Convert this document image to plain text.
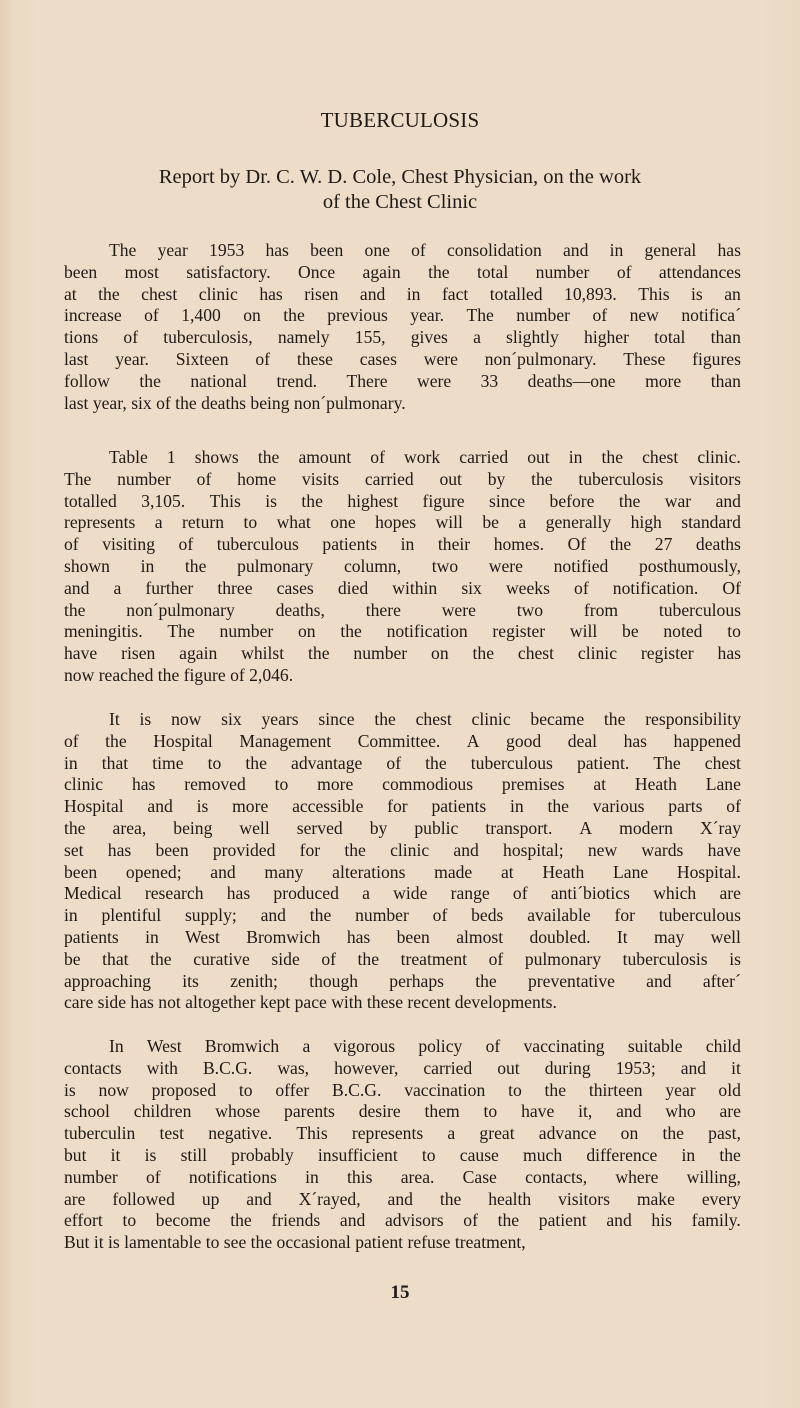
TUBERCULOSIS
Report by Dr. C. W. D. Cole, Chest Physician, on the work
of the Chest Clinic
The year 1953 has been one of consolidation and in general has
been most satisfactory. Once again the total number of attendances
at the chest clinic has risen and in fact totalled 10,893. This is an
increase of 1,400 on the previous year. The number of new notificaˊ
tions of tuberculosis, namely 155, gives a slightly higher total than
last year. Sixteen of these cases were nonˊpulmonary. These figures
follow the national trend. There were 33 deaths—one more than
last year, six of the deaths being nonˊpulmonary.
Table 1 shows the amount of work carried out in the chest clinic.
The number of home visits carried out by the tuberculosis visitors
totalled 3,105. This is the highest figure since before the war and
represents a return to what one hopes will be a generally high standard
of visiting of tuberculous patients in their homes. Of the 27 deaths
shown in the pulmonary column, two were notified posthumously,
and a further three cases died within six weeks of notification. Of
the nonˊpulmonary deaths, there were two from tuberculous
meningitis. The number on the notification register will be noted to
have risen again whilst the number on the chest clinic register has
now reached the figure of 2,046.
It is now six years since the chest clinic became the responsibility
of the Hospital Management Committee. A good deal has happened
in that time to the advantage of the tuberculous patient. The chest
clinic has removed to more commodious premises at Heath Lane
Hospital and is more accessible for patients in the various parts of
the area, being well served by public transport. A modern Xˊray
set has been provided for the clinic and hospital; new wards have
been opened; and many alterations made at Heath Lane Hospital.
Medical research has produced a wide range of antiˊbiotics which are
in plentiful supply; and the number of beds available for tuberculous
patients in West Bromwich has been almost doubled. It may well
be that the curative side of the treatment of pulmonary tuberculosis is
approaching its zenith; though perhaps the preventative and afterˊ
care side has not altogether kept pace with these recent developments.
In West Bromwich a vigorous policy of vaccinating suitable child
contacts with B.C.G. was, however, carried out during 1953; and it
is now proposed to offer B.C.G. vaccination to the thirteen year old
school children whose parents desire them to have it, and who are
tuberculin test negative. This represents a great advance on the past,
but it is still probably insufficient to cause much difference in the
number of notifications in this area. Case contacts, where willing,
are followed up and Xˊrayed, and the health visitors make every
effort to become the friends and advisors of the patient and his family.
But it is lamentable to see the occasional patient refuse treatment,
15
